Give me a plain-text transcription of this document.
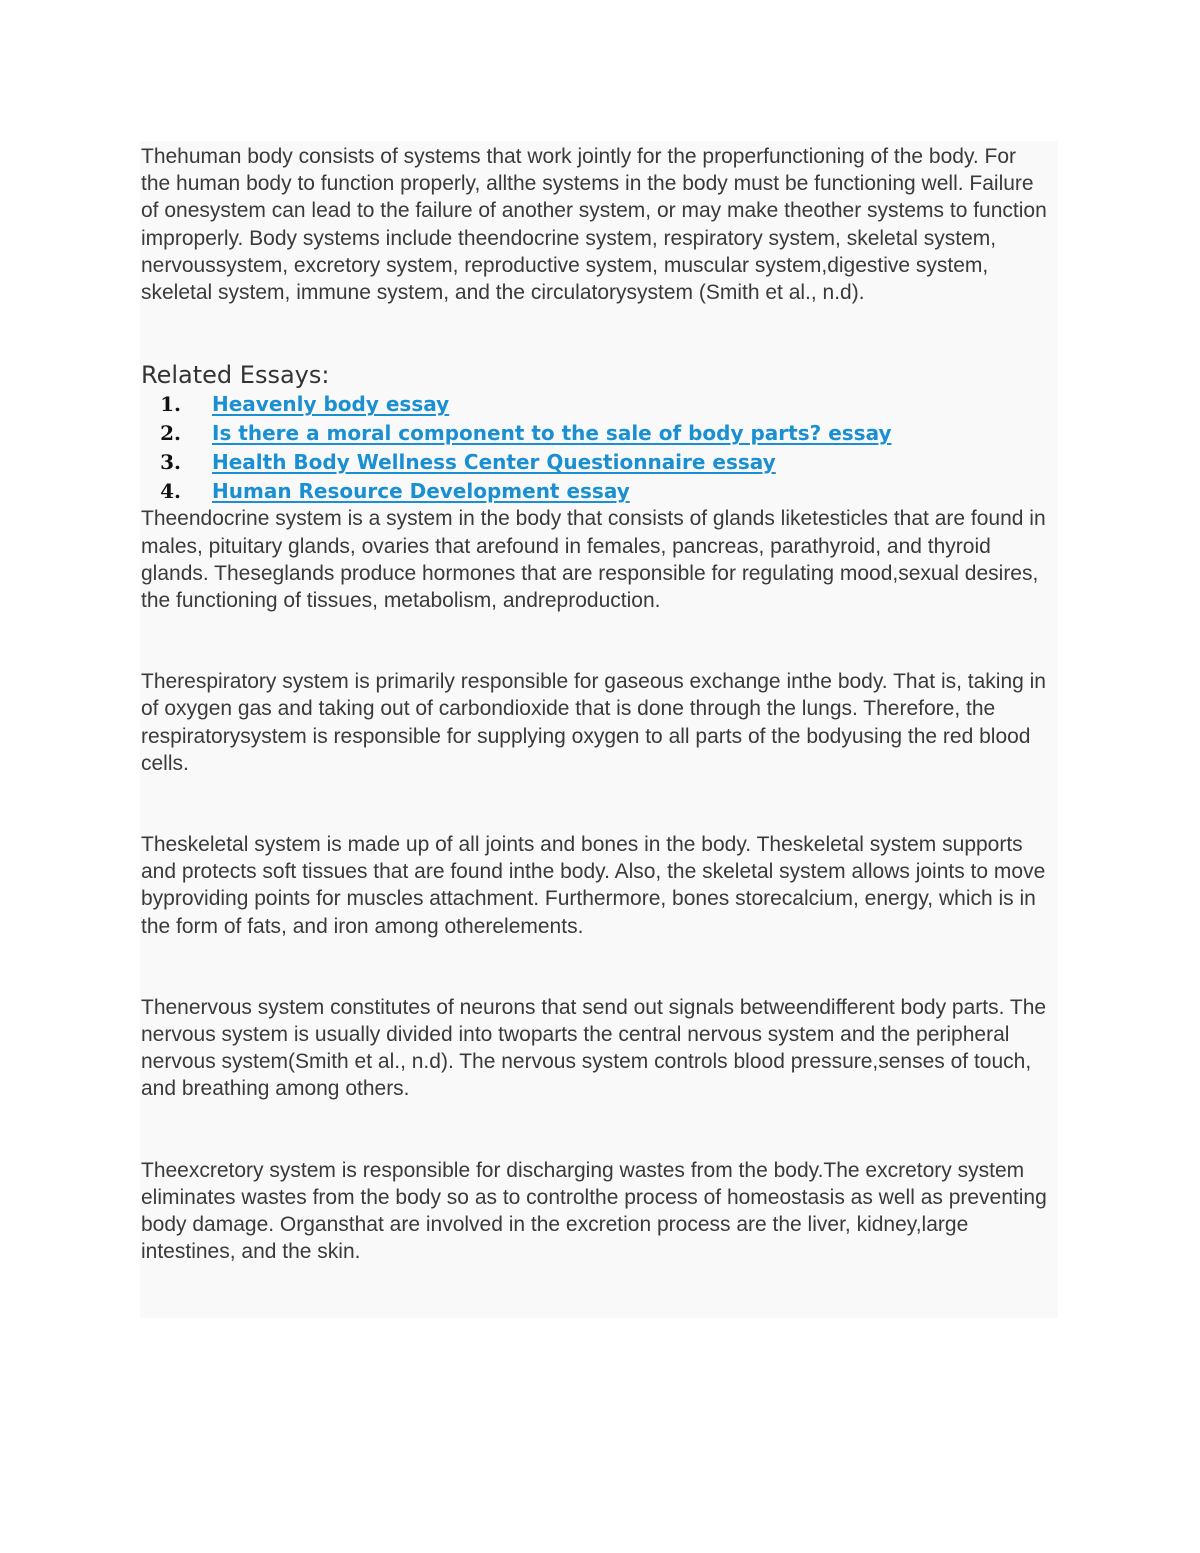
Thehuman body consists of systems that work jointly for the properfunctioning of the body. For the human body to function properly, allthe systems in the body must be functioning well. Failure of onesystem can lead to the failure of another system, or may make theother systems to function improperly. Body systems include theendocrine system, respiratory system, skeletal system, nervoussystem, excretory system, reproductive system, muscular system,digestive system, skeletal system, immune system, and the circulatorysystem (Smith et al., n.d).

Related Essays:
1.	Heavenly body essay
2.	Is there a moral component to the sale of body parts? essay
3.	Health Body Wellness Center Questionnaire essay
4.	Human Resource Development essay

Theendocrine system is a system in the body that consists of glands liketesticles that are found in males, pituitary glands, ovaries that arefound in females, pancreas, parathyroid, and thyroid glands. Theseglands produce hormones that are responsible for regulating mood,sexual desires, the functioning of tissues, metabolism, andreproduction.

Therespiratory system is primarily responsible for gaseous exchange inthe body. That is, taking in of oxygen gas and taking out of carbondioxide that is done through the lungs. Therefore, the respiratorysystem is responsible for supplying oxygen to all parts of the bodyusing the red blood cells.

Theskeletal system is made up of all joints and bones in the body. Theskeletal system supports and protects soft tissues that are found inthe body. Also, the skeletal system allows joints to move byproviding points for muscles attachment. Furthermore, bones storecalcium, energy, which is in the form of fats, and iron among otherelements.

Thenervous system constitutes of neurons that send out signals betweendifferent body parts. The nervous system is usually divided into twoparts the central nervous system and the peripheral nervous system(Smith et al., n.d). The nervous system controls blood pressure,senses of touch, and breathing among others.

Theexcretory system is responsible for discharging wastes from the body.The excretory system eliminates wastes from the body so as to controlthe process of homeostasis as well as preventing body damage. Organsthat are involved in the excretion process are the liver, kidney,large intestines, and the skin.
